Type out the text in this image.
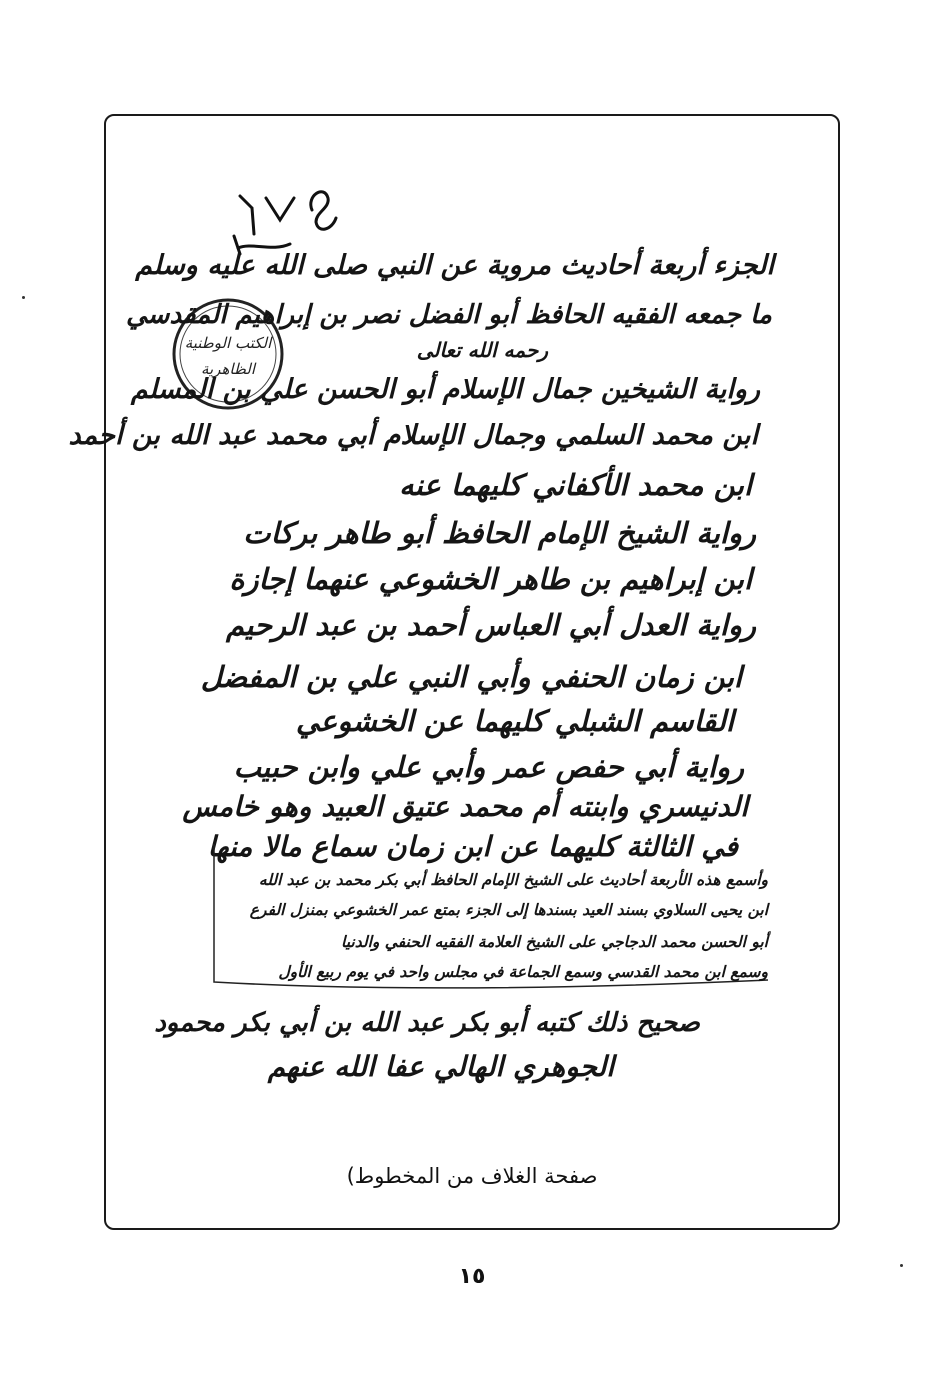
الكتب الوطنية
الظاهرية
الجزء أربعة أحاديث مروية عن النبي صلى الله عليه وسلم
ما جمعه الفقيه الحافظ أبو الفضل نصر بن إبراهيم المقدسي
رحمه الله تعالى
رواية الشيخين جمال الإسلام أبو الحسن علي بن المسلم
ابن محمد السلمي وجمال الإسلام أبي محمد عبد الله بن أحمد
ابن محمد الأكفاني كليهما عنه
رواية الشيخ الإمام الحافظ أبو طاهر بركات
ابن إبراهيم بن طاهر الخشوعي عنهما إجازة
رواية العدل أبي العباس أحمد بن عبد الرحيم
ابن زمان الحنفي وأبي النبي علي بن المفضل
القاسم الشبلي كليهما عن الخشوعي
رواية أبي حفص عمر وأبي علي وابن حبيب
الدنيسري وابنته أم محمد عتيق العبيد وهو خامس
في الثالثة كليهما عن ابن زمان سماع مالا منها
وأسمع هذه الأربعة أحاديث على الشيخ الإمام الحافظ أبي بكر محمد بن عبد الله
ابن يحيى السلاوي بسند العيد بسندها إلى الجزء بمتع عمر الخشوعي بمنزل الفرع
أبو الحسن محمد الدجاجي على الشيخ العلامة الفقيه الحنفي والدنيا
وسمع ابن محمد القدسي وسمع الجماعة في مجلس واحد في يوم ربيع الأول
صحيح ذلك كتبه أبو بكر عبد الله بن أبي بكر محمود
الجوهري الهالي عفا الله عنهم
صفحة الغلاف من المخطوط)
١٥
